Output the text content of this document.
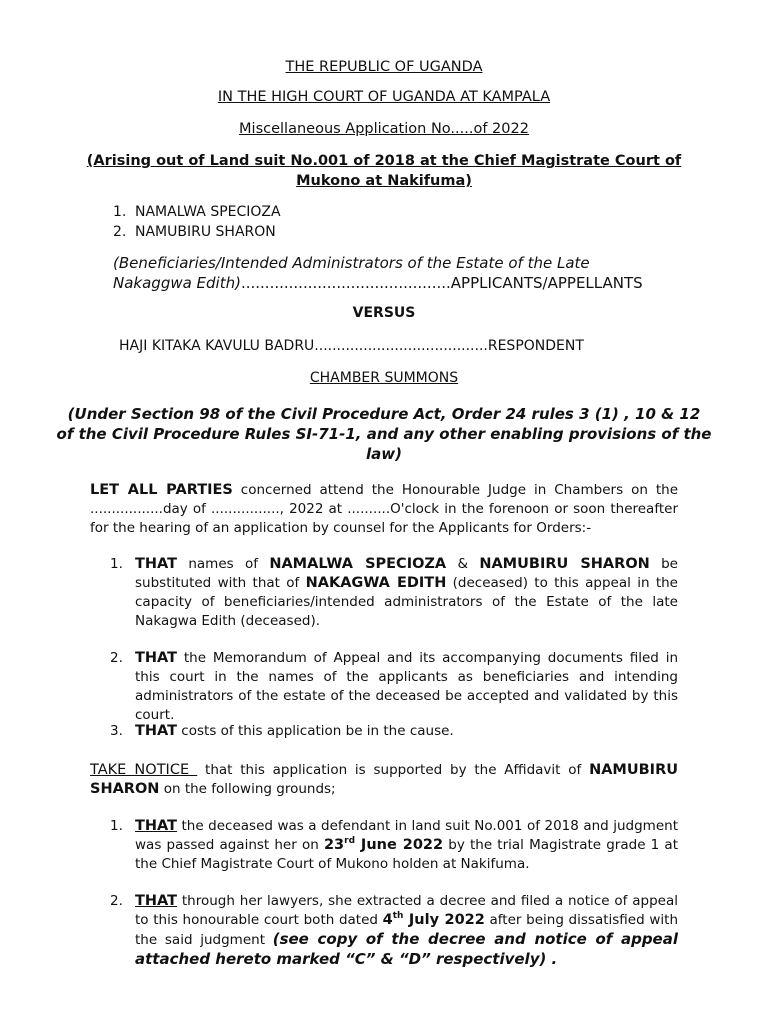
THE REPUBLIC OF UGANDA
IN THE HIGH COURT OF UGANDA AT KAMPALA
Miscellaneous Application No.....of 2022
(Arising out of Land suit No.001 of 2018 at the Chief Magistrate Court of
Mukono at Nakifuma)
1. NAMALWA SPECIOZA
2. NAMUBIRU SHARON
(Beneficiaries/Intended Administrators of the Estate of the Late
Nakaggwa Edith)............................................APPLICANTS/APPELLANTS
VERSUS
HAJI KITAKA KAVULU BADRU.......................................RESPONDENT
CHAMBER SUMMONS
(Under Section 98 of the Civil Procedure Act, Order 24 rules 3 (1) , 10 & 12
of the Civil Procedure Rules SI-71-1, and any other enabling provisions of the
law)
LET ALL PARTIES concerned attend the Honourable Judge in Chambers on the .................day of ................, 2022 at ..........O'clock in the forenoon or soon thereafter for the hearing of an application by counsel for the Applicants for Orders:-
1. THAT names of NAMALWA SPECIOZA & NAMUBIRU SHARON be substituted with that of NAKAGWA EDITH (deceased) to this appeal in the capacity of beneficiaries/intended administrators of the Estate of the late Nakagwa Edith (deceased).
2. THAT the Memorandum of Appeal and its accompanying documents filed in this court in the names of the applicants as beneficiaries and intending administrators of the estate of the deceased be accepted and validated by this court.
3. THAT costs of this application be in the cause.
TAKE NOTICE  that this application is supported by the Affidavit of NAMUBIRU SHARON on the following grounds;
1. THAT the deceased was a defendant in land suit No.001 of 2018 and judgment was passed against her on 23rd June 2022 by the trial Magistrate grade 1 at the Chief Magistrate Court of Mukono holden at Nakifuma.
2. THAT through her lawyers, she extracted a decree and filed a notice of appeal to this honourable court both dated 4th July 2022 after being dissatisfied with the said judgment (see copy of the decree and notice of appeal attached hereto marked “C” & “D” respectively) .
